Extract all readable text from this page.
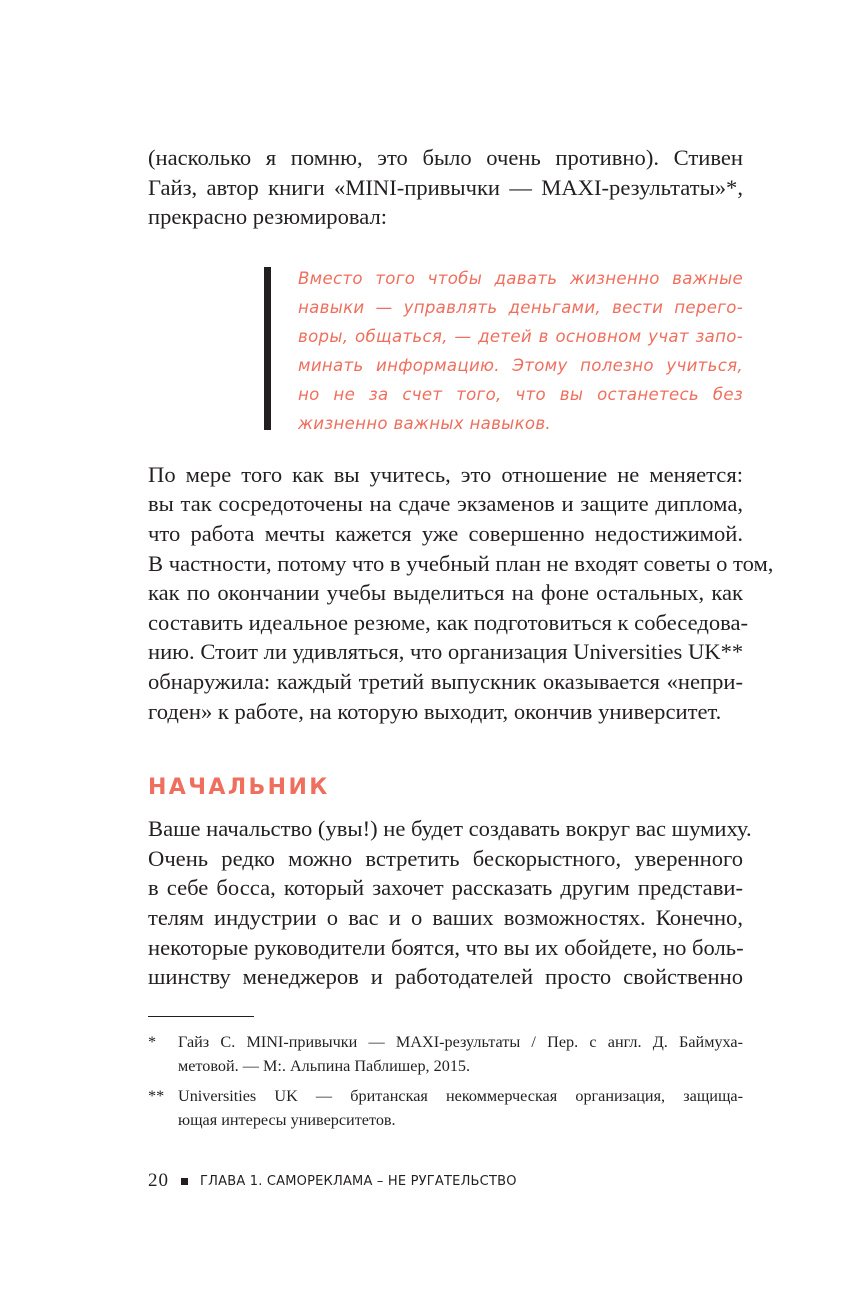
(насколько я помню, это было очень противно). Стивен
Гайз, автор книги «MINI-привычки — MAXI-результаты»*,
прекрасно резюмировал:

Вместо того чтобы давать жизненно важные
навыки — управлять деньгами, вести перего-
воры, общаться, — детей в основном учат запо-
минать информацию. Этому полезно учиться,
но не за счет того, что вы останетесь без
жизненно важных навыков.

По мере того как вы учитесь, это отношение не меняется:
вы так сосредоточены на сдаче экзаменов и защите диплома,
что работа мечты кажется уже совершенно недостижимой.
В частности, потому что в учебный план не входят советы о том,
как по окончании учебы выделиться на фоне остальных, как
составить идеальное резюме, как подготовиться к собеседова-
нию. Стоит ли удивляться, что организация Universities UK**
обнаружила: каждый третий выпускник оказывается «непри-
годен» к работе, на которую выходит, окончив университет.

НАЧАЛЬНИК

Ваше начальство (увы!) не будет создавать вокруг вас шумиху.
Очень редко можно встретить бескорыстного, уверенного
в себе босса, который захочет рассказать другим представи-
телям индустрии о вас и о ваших возможностях. Конечно,
некоторые руководители боятся, что вы их обойдете, но боль-
шинству менеджеров и работодателей просто свойственно

* Гайз С. MINI-привычки — MAXI-результаты / Пер. с англ. Д. Баймуха-
метовой. — М:. Альпина Паблишер, 2015.
** Universities UK — британская некоммерческая организация, защища-
ющая интересы университетов.
20 ГЛАВА 1. САМОРЕКЛАМА – НЕ РУГАТЕЛЬСТВО
